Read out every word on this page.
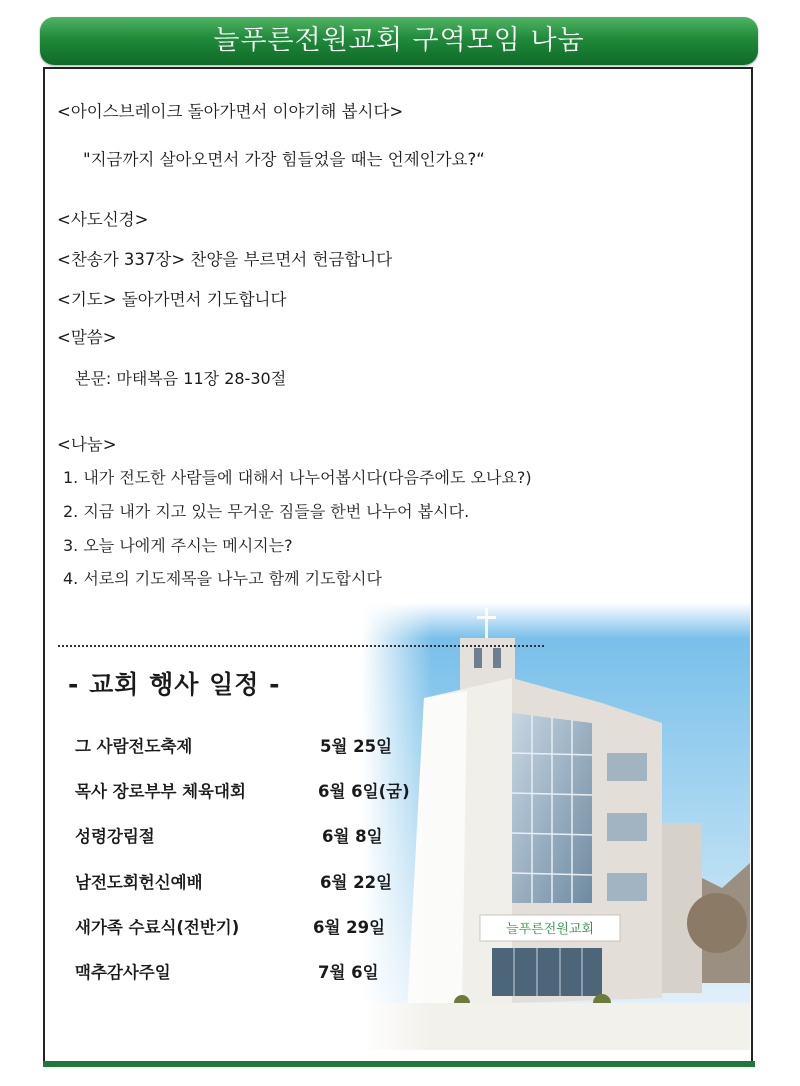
늘푸른전원교회 구역모임 나눔
<아이스브레이크 돌아가면서 이야기해 봅시다>
"지금까지 살아오면서 가장 힘들었을 때는 언제인가요?“
<사도신경>
<찬송가 337장> 찬양을 부르면서 헌금합니다
<기도> 돌아가면서 기도합니다
<말씀>
본문: 마태복음 11장 28-30절
<나눔>
1. 내가 전도한 사람들에 대해서 나누어봅시다(다음주에도 오나요?)
2. 지금 내가 지고 있는 무거운 짐들을 한번 나누어 봅시다.
3. 오늘 나에게 주시는 메시지는?
4. 서로의 기도제목을 나누고 함께 기도합시다
- 교회 행사 일정 -
그 사람전도축제	5월 25일
목사 장로부부 체육대회	6월 6일(굼)
성령강림절	6월 8일
남전도회헌신예배	6월 22일
새가족 수료식(전반기)	6월 29일
맥추감사주일	7월 6일
